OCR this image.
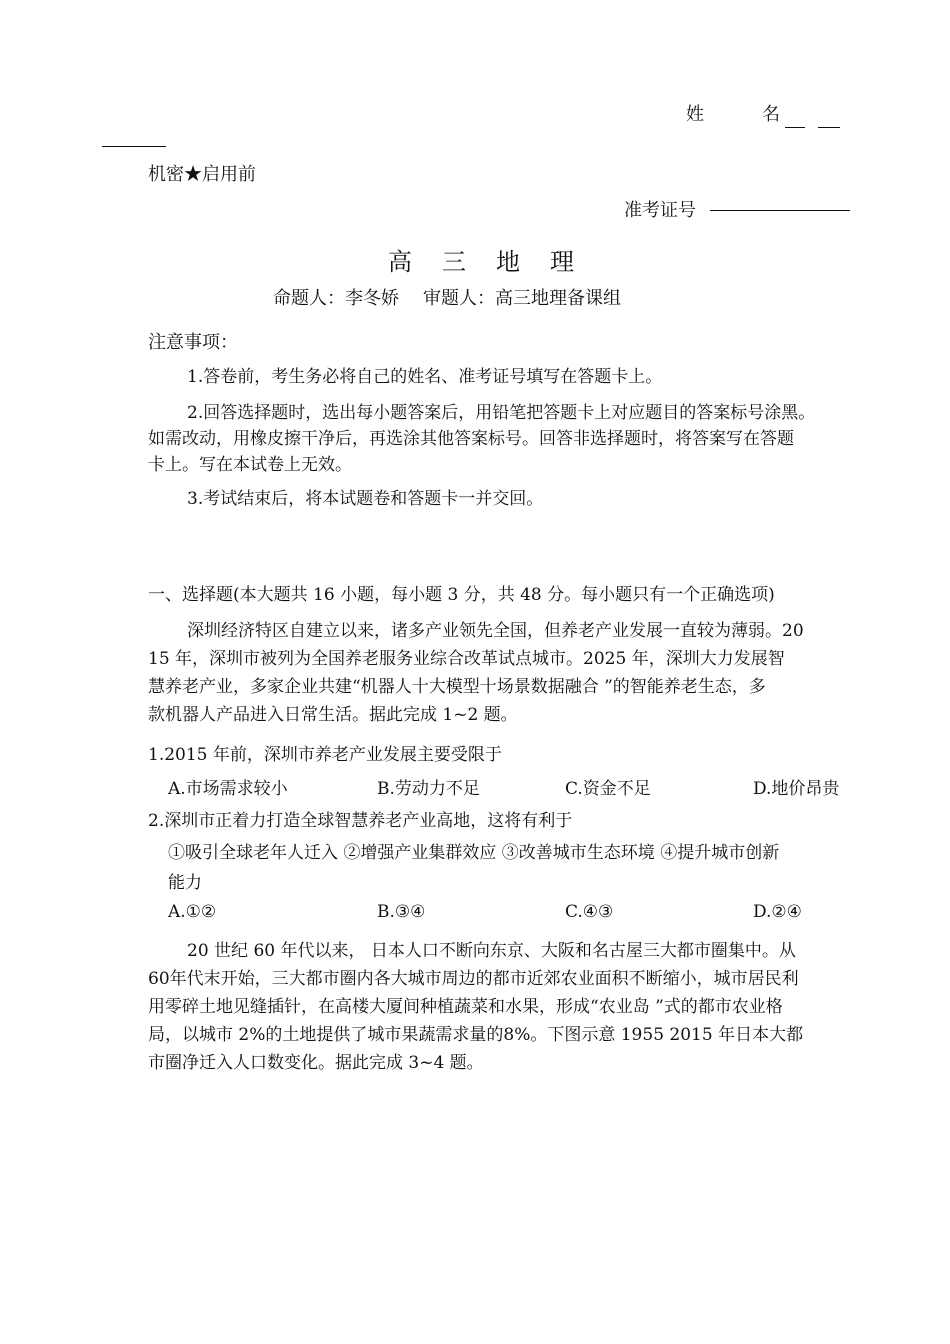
姓	名
机密★启用前
准考证号
高 三 地 理
命题人：李冬娇 审题人：高三地理备课组
注意事项：
1.答卷前，考生务必将自己的姓名、准考证号填写在答题卡上。
2.回答选择题时，选出每小题答案后，用铅笔把答题卡上对应题目的答案标号涂黑。
如需改动，用橡皮擦干净后，再选涂其他答案标号。回答非选择题时，将答案写在答题
卡上。写在本试卷上无效。
3.考试结束后，将本试题卷和答题卡一并交回。
一、选择题(本大题共 16 小题，每小题 3 分，共 48 分。每小题只有一个正确选项)
深圳经济特区自建立以来，诸多产业领先全国，但养老产业发展一直较为薄弱。20
15 年，深圳市被列为全国养老服务业综合改革试点城市。2025 年，深圳大力发展智
慧养老产业，多家企业共建“机器人十大模型十场景数据融合 ”的智能养老生态，多
款机器人产品进入日常生活。据此完成 1~2 题。
1.2015 年前，深圳市养老产业发展主要受限于
A.市场需求较小	B.劳动力不足	C.资金不足	D.地价昂贵
2.深圳市正着力打造全球智慧养老产业高地，这将有利于
①吸引全球老年人迁入 ②增强产业集群效应 ③改善城市生态环境 ④提升城市创新
能力
A.①②	B.③④	C.④③	D.②④
20 世纪 60 年代以来， 日本人口不断向东京、大阪和名古屋三大都市圈集中。从
60年代末开始，三大都市圈内各大城市周边的都市近郊农业面积不断缩小，城市居民利
用零碎土地见缝插针，在高楼大厦间种植蔬菜和水果，形成“农业岛 ”式的都市农业格
局，以城市 2%的土地提供了城市果蔬需求量的8%。下图示意 1955 2015 年日本大都
市圈净迁入人口数变化。据此完成 3~4 题。
